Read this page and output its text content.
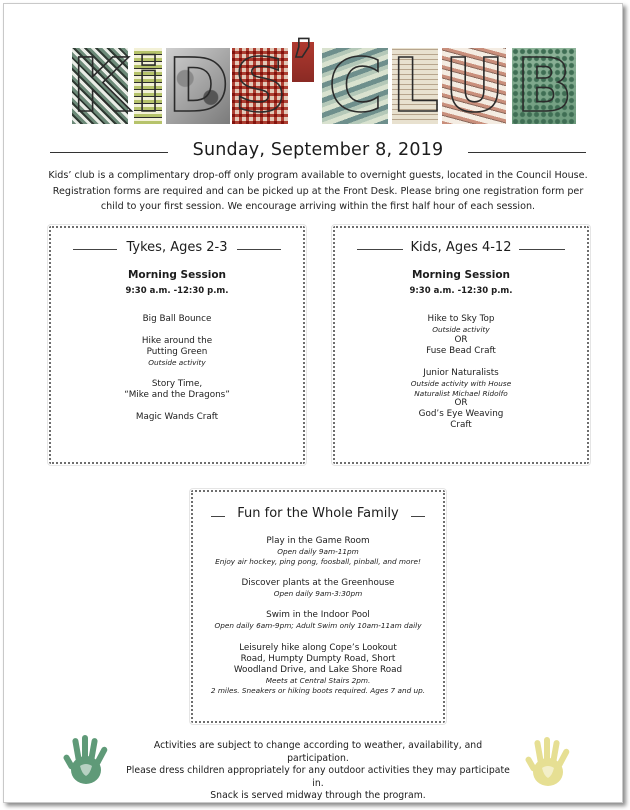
K i D S ’ C L U B
Sunday, September 8, 2019
Kids’ club is a complimentary drop-off only program available to overnight guests, located in the Council House. Registration forms are required and can be picked up at the Front Desk. Please bring one registration form per child to your first session. We encourage arriving within the first half hour of each session.
Tykes, Ages 2-3
Morning Session
9:30 a.m. -12:30 p.m.
Big Ball Bounce
Hike around the
Putting Green
Outside activity
Story Time,
“Mike and the Dragons”
Magic Wands Craft
Kids, Ages 4-12
Morning Session
9:30 a.m. -12:30 p.m.
Hike to Sky Top
Outside activity
OR
Fuse Bead Craft
Junior Naturalists
Outside activity with House
Naturalist Michael Ridolfo
OR
God’s Eye Weaving
Craft
Fun for the Whole Family
Play in the Game Room
Open daily 9am-11pm
Enjoy air hockey, ping pong, foosball, pinball, and more!
Discover plants at the Greenhouse
Open daily 9am-3:30pm
Swim in the Indoor Pool
Open daily 6am-9pm; Adult Swim only 10am-11am daily
Leisurely hike along Cope’s Lookout
Road, Humpty Dumpty Road, Short
Woodland Drive, and Lake Shore Road
Meets at Central Stairs 2pm.
2 miles. Sneakers or hiking boots required. Ages 7 and up.
Activities are subject to change according to weather, availability, and participation.
Please dress children appropriately for any outdoor activities they may participate in.
Snack is served midway through the program.
